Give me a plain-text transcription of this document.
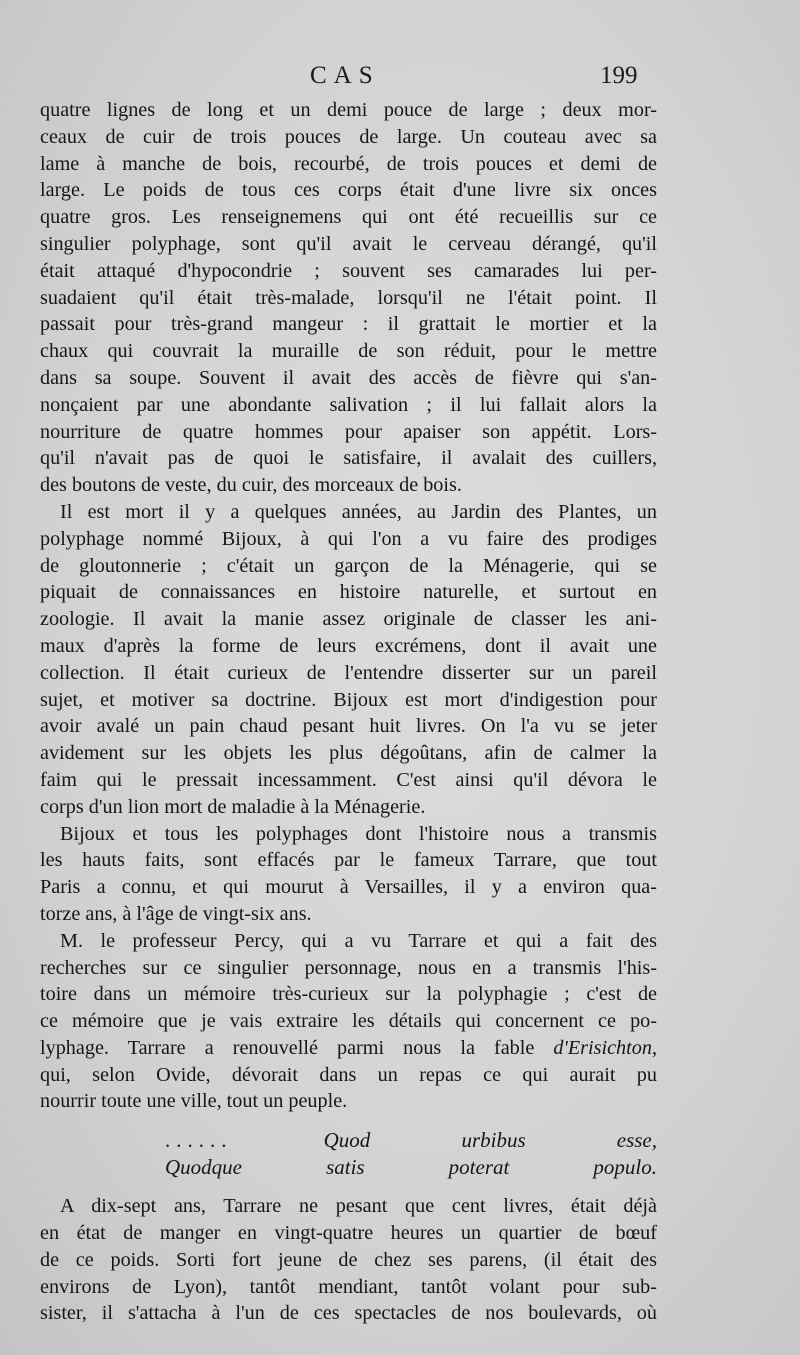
CAS	199
quatre lignes de long et un demi pouce de large ; deux mor-
ceaux de cuir de trois pouces de large. Un couteau avec sa
lame à manche de bois, recourbé, de trois pouces et demi de
large. Le poids de tous ces corps était d'une livre six onces
quatre gros. Les renseignemens qui ont été recueillis sur ce
singulier polyphage, sont qu'il avait le cerveau dérangé, qu'il
était attaqué d'hypocondrie ; souvent ses camarades lui per-
suadaient qu'il était très-malade, lorsqu'il ne l'était point. Il
passait pour très-grand mangeur : il grattait le mortier et la
chaux qui couvrait la muraille de son réduit, pour le mettre
dans sa soupe. Souvent il avait des accès de fièvre qui s'an-
nonçaient par une abondante salivation ; il lui fallait alors la
nourriture de quatre hommes pour apaiser son appétit. Lors-
qu'il n'avait pas de quoi le satisfaire, il avalait des cuillers,
des boutons de veste, du cuir, des morceaux de bois.
Il est mort il y a quelques années, au Jardin des Plantes, un
polyphage nommé Bijoux, à qui l'on a vu faire des prodiges
de gloutonnerie ; c'était un garçon de la Ménagerie, qui se
piquait de connaissances en histoire naturelle, et surtout en
zoologie. Il avait la manie assez originale de classer les ani-
maux d'après la forme de leurs excrémens, dont il avait une
collection. Il était curieux de l'entendre disserter sur un pareil
sujet, et motiver sa doctrine. Bijoux est mort d'indigestion pour
avoir avalé un pain chaud pesant huit livres. On l'a vu se jeter
avidement sur les objets les plus dégoûtans, afin de calmer la
faim qui le pressait incessamment. C'est ainsi qu'il dévora le
corps d'un lion mort de maladie à la Ménagerie.
Bijoux et tous les polyphages dont l'histoire nous a transmis
les hauts faits, sont effacés par le fameux Tarrare, que tout
Paris a connu, et qui mourut à Versailles, il y a environ qua-
torze ans, à l'âge de vingt-six ans.
M. le professeur Percy, qui a vu Tarrare et qui a fait des
recherches sur ce singulier personnage, nous en a transmis l'his-
toire dans un mémoire très-curieux sur la polyphagie ; c'est de
ce mémoire que je vais extraire les détails qui concernent ce po-
lyphage. Tarrare a renouvellé parmi nous la fable d'Erisichton,
qui, selon Ovide, dévorait dans un repas ce qui aurait pu
nourrir toute une ville, tout un peuple.
......	Quod urbibus esse,
Quodque satis poterat populo.
A dix-sept ans, Tarrare ne pesant que cent livres, était déjà
en état de manger en vingt-quatre heures un quartier de bœuf
de ce poids. Sorti fort jeune de chez ses parens, (il était des
environs de Lyon), tantôt mendiant, tantôt volant pour sub-
sister, il s'attacha à l'un de ces spectacles de nos boulevards, où
